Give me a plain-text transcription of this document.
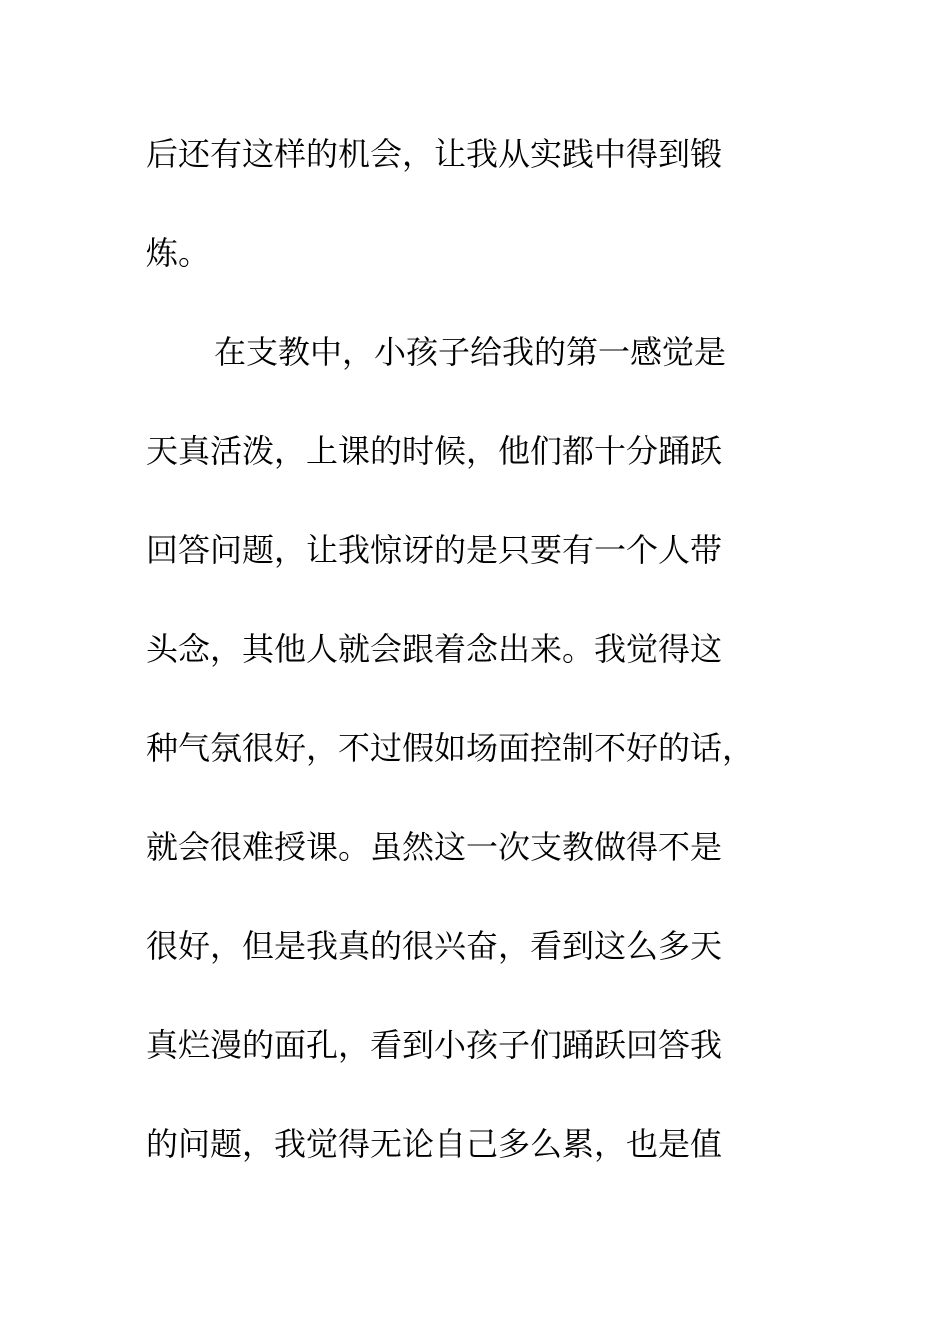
后还有这样的机会，让我从实践中得到锻
炼。
在支教中，小孩子给我的第一感觉是
天真活泼，上课的时候，他们都十分踊跃
回答问题，让我惊讶的是只要有一个人带
头念，其他人就会跟着念出来。我觉得这
种气氛很好，不过假如场面控制不好的话，
就会很难授课。虽然这一次支教做得不是
很好，但是我真的很兴奋，看到这么多天
真烂漫的面孔，看到小孩子们踊跃回答我
的问题，我觉得无论自己多么累，也是值
